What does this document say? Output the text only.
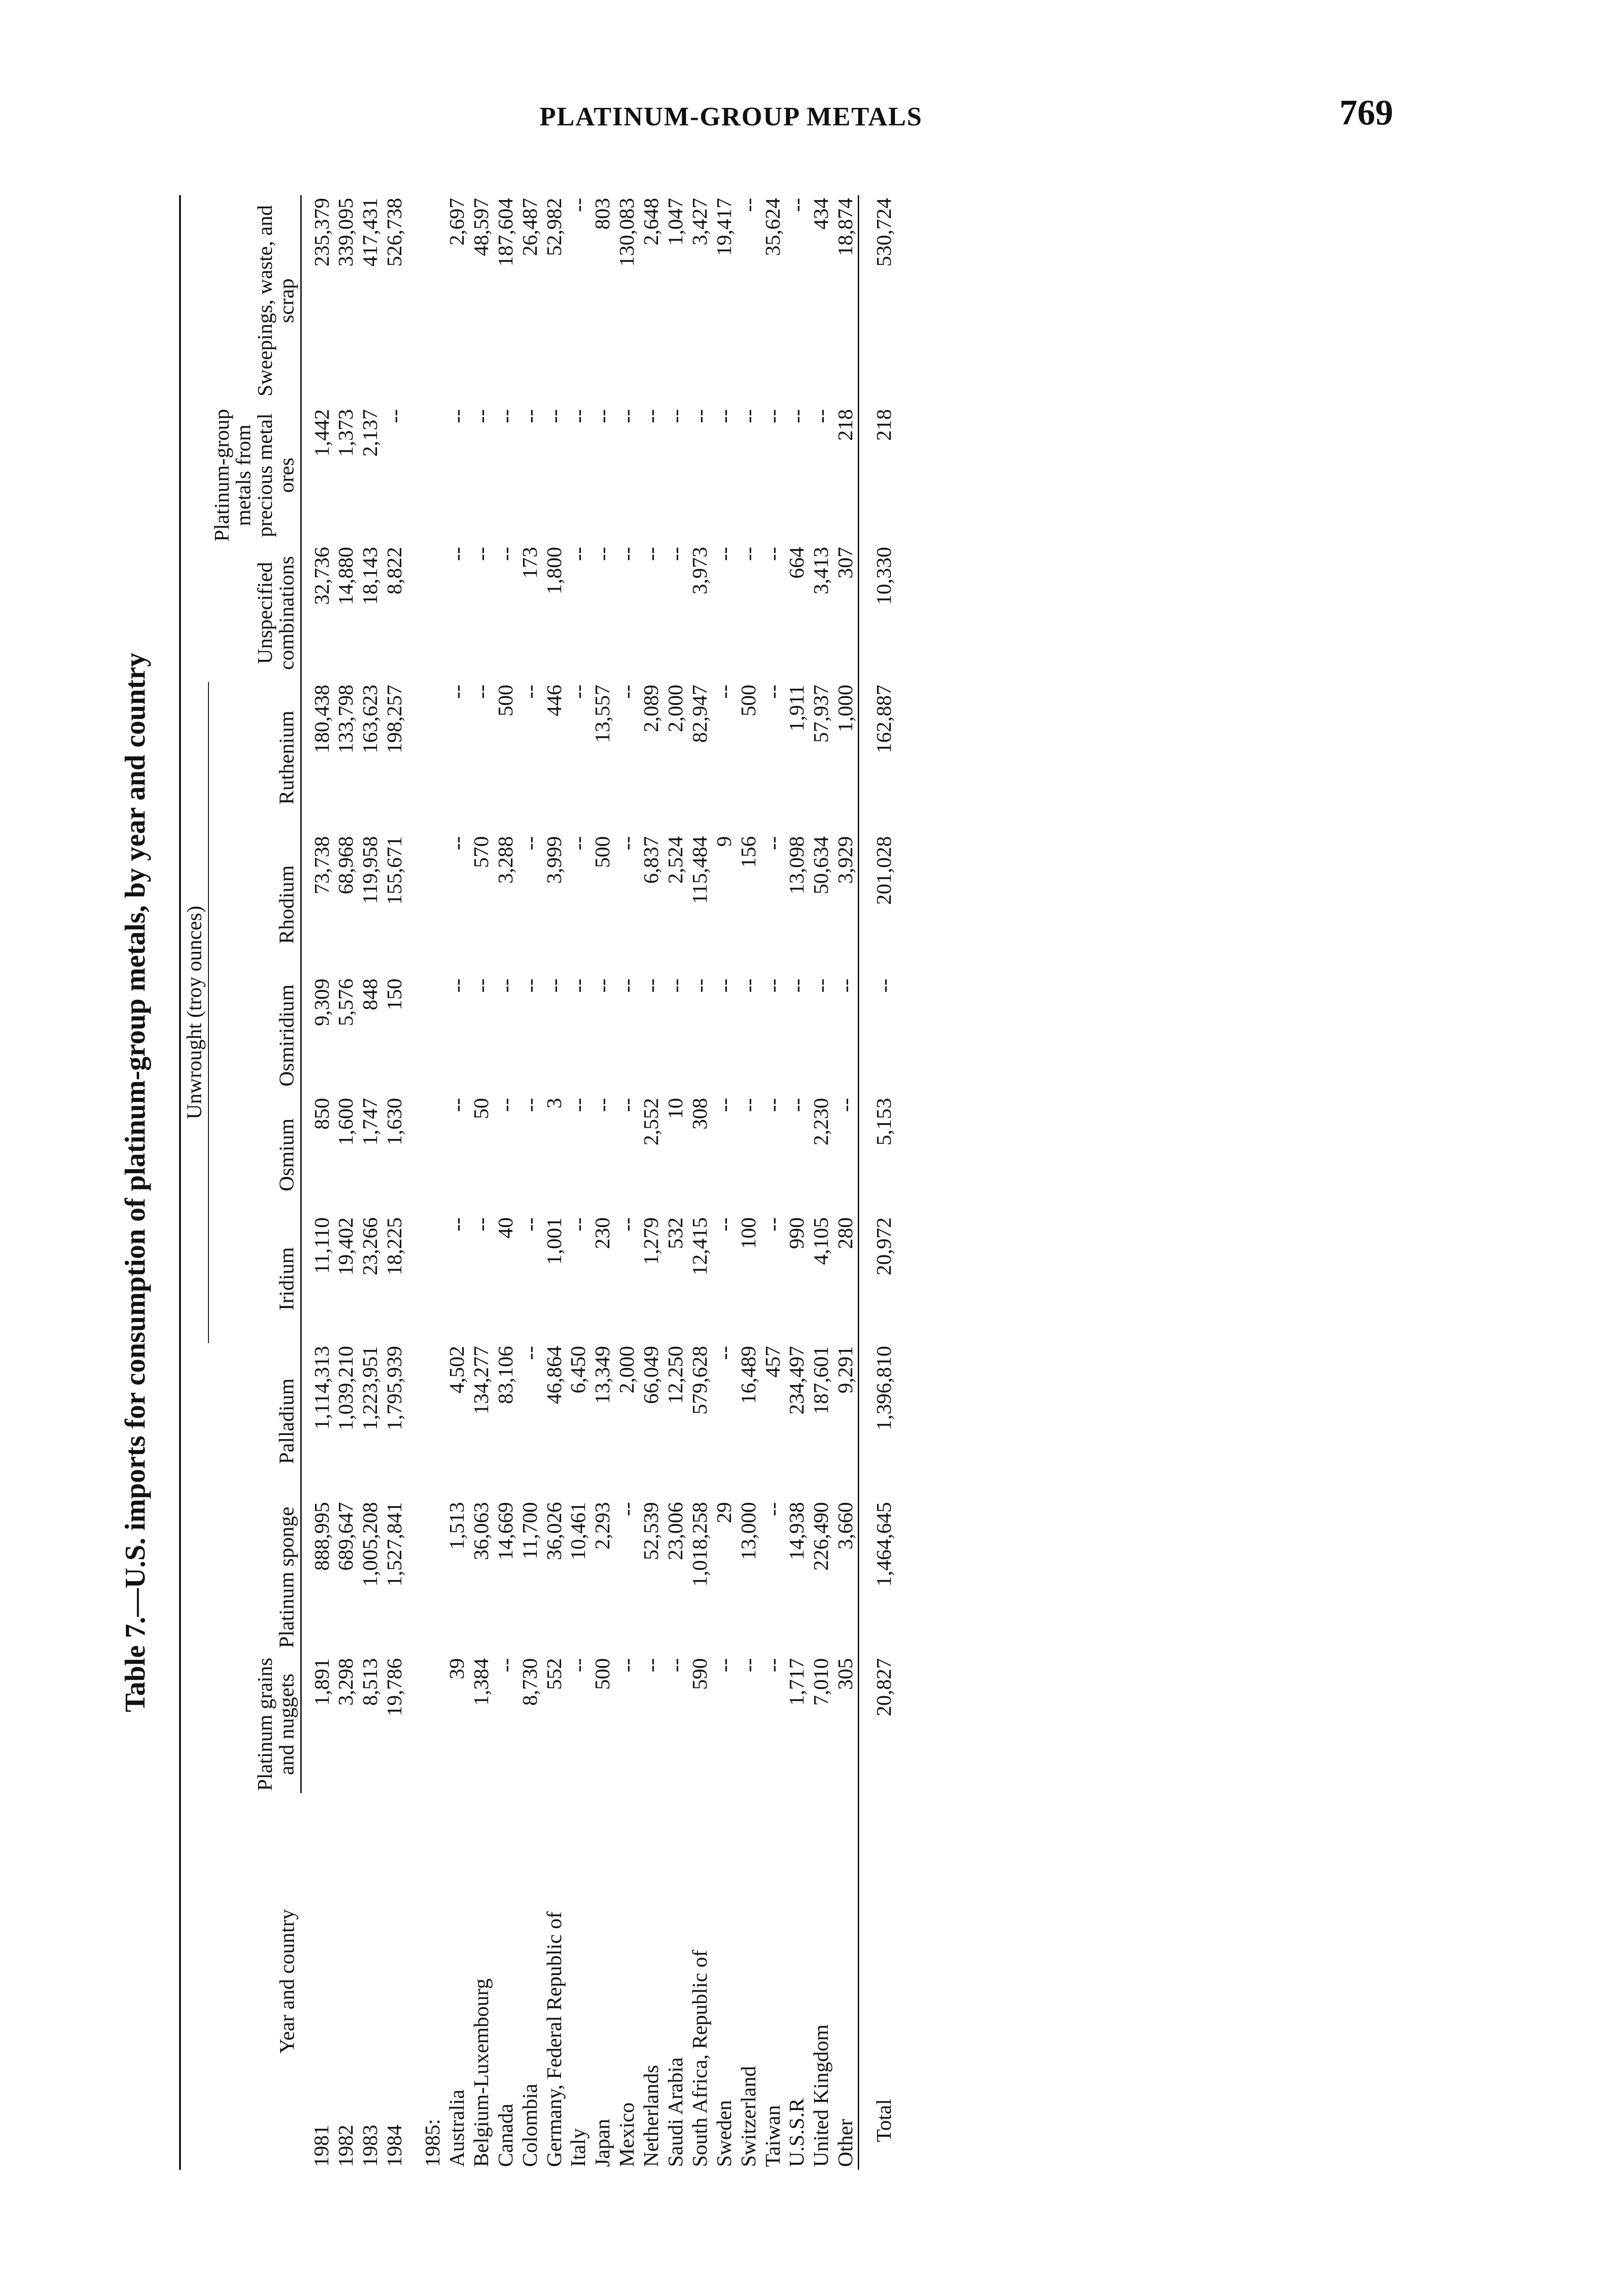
PLATINUM-GROUP METALS	769
Table 7.—U.S. imports for consumption of platinum-group metals, by year and country
Year and country				Unwrought (troy ounces)							
	Platinum grains and nuggets	Platinum sponge	Palladium	Iridium	Osmium	Osmiridium	Rhodium	Ruthenium	Unspecified combinations	Platinum-group metals from precious metal ores	Sweepings, waste, and scrap
1981	1,891	888,995	1,114,313	11,110	850	9,309	73,738	180,438	32,736	1,442	235,379
1982	3,298	689,647	1,039,210	19,402	1,600	5,576	68,968	133,798	14,880	1,373	339,095
1983	8,513	1,005,208	1,223,951	23,266	1,747	848	119,958	163,623	18,143	2,137	417,431
1984	19,786	1,527,841	1,795,939	18,225	1,630	150	155,671	198,257	8,822	--	526,738
1985:											
Australia	39	1,513	4,502	--	--	--	--	--	--	--	2,697
Belgium-Luxembourg	1,384	36,063	134,277	--	50	--	570	--	--	--	48,597
Canada	--	14,669	83,106	40	--	--	3,288	500	--	--	187,604
Colombia	8,730	11,700	--	--	--	--	--	--	173	--	26,487
Germany, Federal Republic of	552	36,026	46,864	1,001	3	--	3,999	446	1,800	--	52,982
Italy	--	10,461	6,450	--	--	--	--	--	--	--	--
Japan	500	2,293	13,349	230	--	--	500	13,557	--	--	803
Mexico	--	--	2,000	--	--	--	--	--	--	--	130,083
Netherlands	--	52,539	66,049	1,279	2,552	--	6,837	2,089	--	--	2,648
Saudi Arabia	--	23,006	12,250	532	10	--	2,524	2,000	--	--	1,047
South Africa, Republic of	590	1,018,258	579,628	12,415	308	--	115,484	82,947	3,973	--	3,427
Sweden	--	29	--	--	--	--	9	--	--	--	19,417
Switzerland	--	13,000	16,489	100	--	--	156	500	--	--	--
Taiwan	--	--	457	--	--	--	--	--	--	--	35,624
U.S.S.R	1,717	14,938	234,497	990	--	--	13,098	1,911	664	--	--
United Kingdom	7,010	226,490	187,601	4,105	2,230	--	50,634	57,937	3,413	--	434
Other	305	3,660	9,291	280	--	--	3,929	1,000	307	218	18,874
Total	20,827	1,464,645	1,396,810	20,972	5,153	--	201,028	162,887	10,330	218	530,724
